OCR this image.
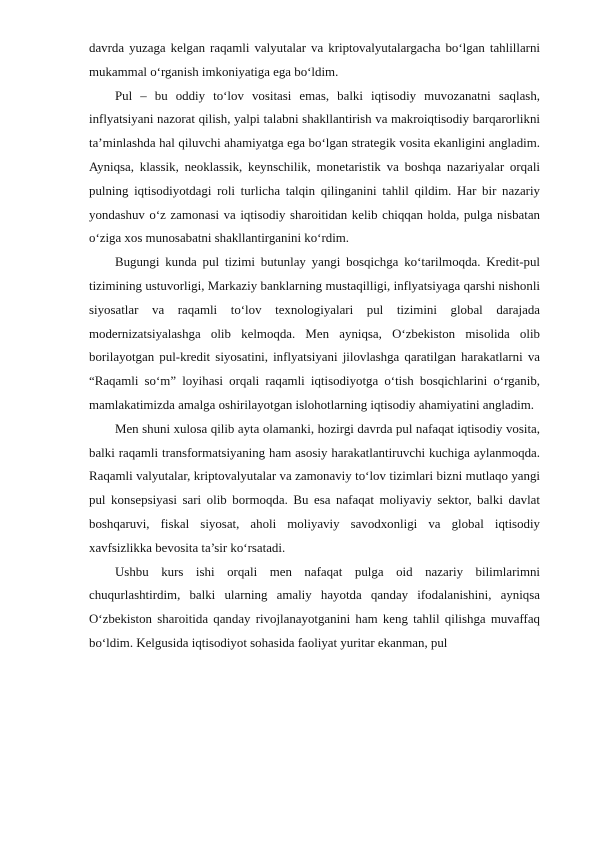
davrda yuzaga kelgan raqamli valyutalar va kriptovalyutalargacha bo‘lgan tahlillarni mukammal o‘rganish imkoniyatiga ega bo‘ldim.

Pul – bu oddiy to‘lov vositasi emas, balki iqtisodiy muvozanatni saqlash, inflyatsiyani nazorat qilish, yalpi talabni shakllantirish va makroiqtisodiy barqarorlikni ta’minlashda hal qiluvchi ahamiyatga ega bo‘lgan strategik vosita ekanligini angladim. Ayniqsa, klassik, neoklassik, keynschilik, monetaristik va boshqa nazariyalar orqali pulning iqtisodiyotdagi roli turlicha talqin qilinganini tahlil qildim. Har bir nazariy yondashuv o‘z zamonasi va iqtisodiy sharoitidan kelib chiqqan holda, pulga nisbatan o‘ziga xos munosabatni shakllantirganini ko‘rdim.

Bugungi kunda pul tizimi butunlay yangi bosqichga ko‘tarilmoqda. Kredit-pul tizimining ustuvorligi, Markaziy banklarning mustaqilligi, inflyatsiyaga qarshi nishonli siyosatlar va raqamli to‘lov texnologiyalari pul tizimini global darajada modernizatsiyalashga olib kelmoqda. Men ayniqsa, O‘zbekiston misolida olib borilayotgan pul-kredit siyosatini, inflyatsiyani jilovlashga qaratilgan harakatlarni va “Raqamli so‘m” loyihasi orqali raqamli iqtisodiyotga o‘tish bosqichlarini o‘rganib, mamlakatimizda amalga oshirilayotgan islohotlarning iqtisodiy ahamiyatini angladim.

Men shuni xulosa qilib ayta olamanki, hozirgi davrda pul nafaqat iqtisodiy vosita, balki raqamli transformatsiyaning ham asosiy harakatlantiruvchi kuchiga aylanmoqda. Raqamli valyutalar, kriptovalyutalar va zamonaviy to‘lov tizimlari bizni mutlaqo yangi pul konsepsiyasi sari olib bormoqda. Bu esa nafaqat moliyaviy sektor, balki davlat boshqaruvi, fiskal siyosat, aholi moliyaviy savodxonligi va global iqtisodiy xavfsizlikka bevosita ta’sir ko‘rsatadi.

Ushbu kurs ishi orqali men nafaqat pulga oid nazariy bilimlarimni chuqurlashtirdim, balki ularning amaliy hayotda qanday ifodalanishini, ayniqsa O‘zbekiston sharoitida qanday rivojlanayotganini ham keng tahlil qilishga muvaffaq bo‘ldim. Kelgusida iqtisodiyot sohasida faoliyat yuritar ekanman, pul
